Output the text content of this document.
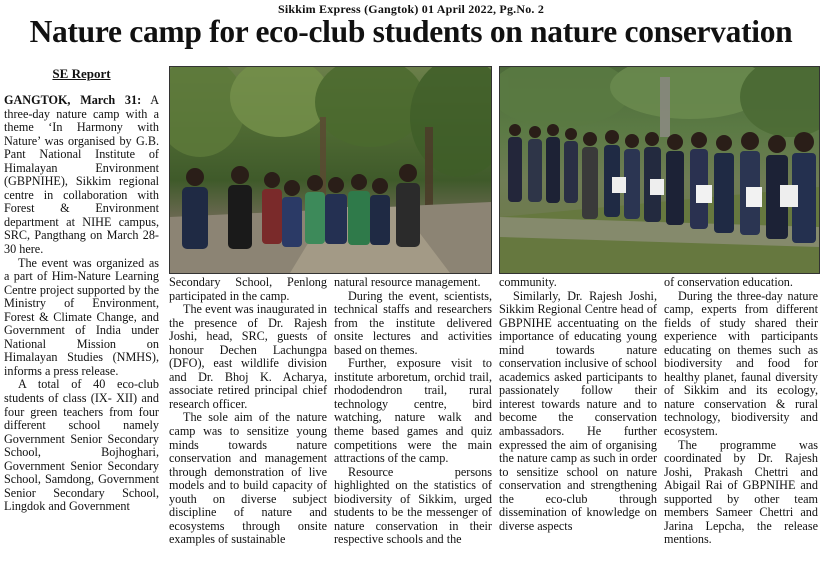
Sikkim Express (Gangtok) 01 April 2022, Pg.No. 2
Nature camp for eco-club students on nature conservation
SE Report

GANGTOK, March 31: A three-day nature camp with a theme ‘In Harmony with Nature’ was organised by G.B. Pant National Institute of Himalayan Environment (GBPNIHE), Sikkim regional centre in collaboration with Forest & Environment department at NIHE campus, SRC, Pangthang on March 28-30 here.

The event was organized as a part of Him-Nature Learning Centre project supported by the Ministry of Environment, Forest & Climate Change, and Government of India under National Mission on Himalayan Studies (NMHS), informs a press release.

A total of 40 eco-club students of class (IX- XII) and four green teachers from four different school namely Government Senior Secondary School, Bojhoghari, Government Senior Secondary School, Samdong, Government Senior Secondary School, Lingdok and Government

Secondary School, Penlong participated in the camp.

The event was inaugurated in the presence of Dr. Rajesh Joshi, head, SRC, guests of honour Dechen Lachungpa (DFO), east wildlife division and Dr. Bhoj K. Acharya, associate retired principal chief research officer.

The sole aim of the nature camp was to sensitize young minds towards nature conservation and management through demonstration of live models and to build capacity of youth on diverse subject discipline of nature and ecosystems through onsite examples of sustainable

natural resource management.

During the event, scientists, technical staffs and researchers from the institute delivered onsite lectures and activities based on themes.

Further, exposure visit to institute arboretum, orchid trail, rhododendron trail, rural technology centre, bird watching, nature walk and theme based games and quiz competitions were the main attractions of the camp.

Resource persons highlighted on the statistics of biodiversity of Sikkim, urged students to be the messenger of nature conservation in their respective schools and the

community.

Similarly, Dr. Rajesh Joshi, Sikkim Regional Centre head of GBPNIHE accentuating on the importance of educating young mind towards nature conservation inclusive of school academics asked participants to passionately follow their interest towards nature and to become the conservation ambassadors. He further expressed the aim of organising the nature camp as such in order to sensitize school on nature conservation and strengthening the eco-club through dissemination of knowledge on diverse aspects

of conservation education.

During the three-day nature camp, experts from different fields of study shared their experience with participants educating on themes such as biodiversity and food for healthy planet, faunal diversity of Sikkim and its ecology, nature conservation & rural technology, biodiversity and ecosystem.

The programme was coordinated by Dr. Rajesh Joshi, Prakash Chettri and Abigail Rai of GBPNIHE and supported by other team members Sameer Chettri and Jarina Lepcha, the release mentions.
